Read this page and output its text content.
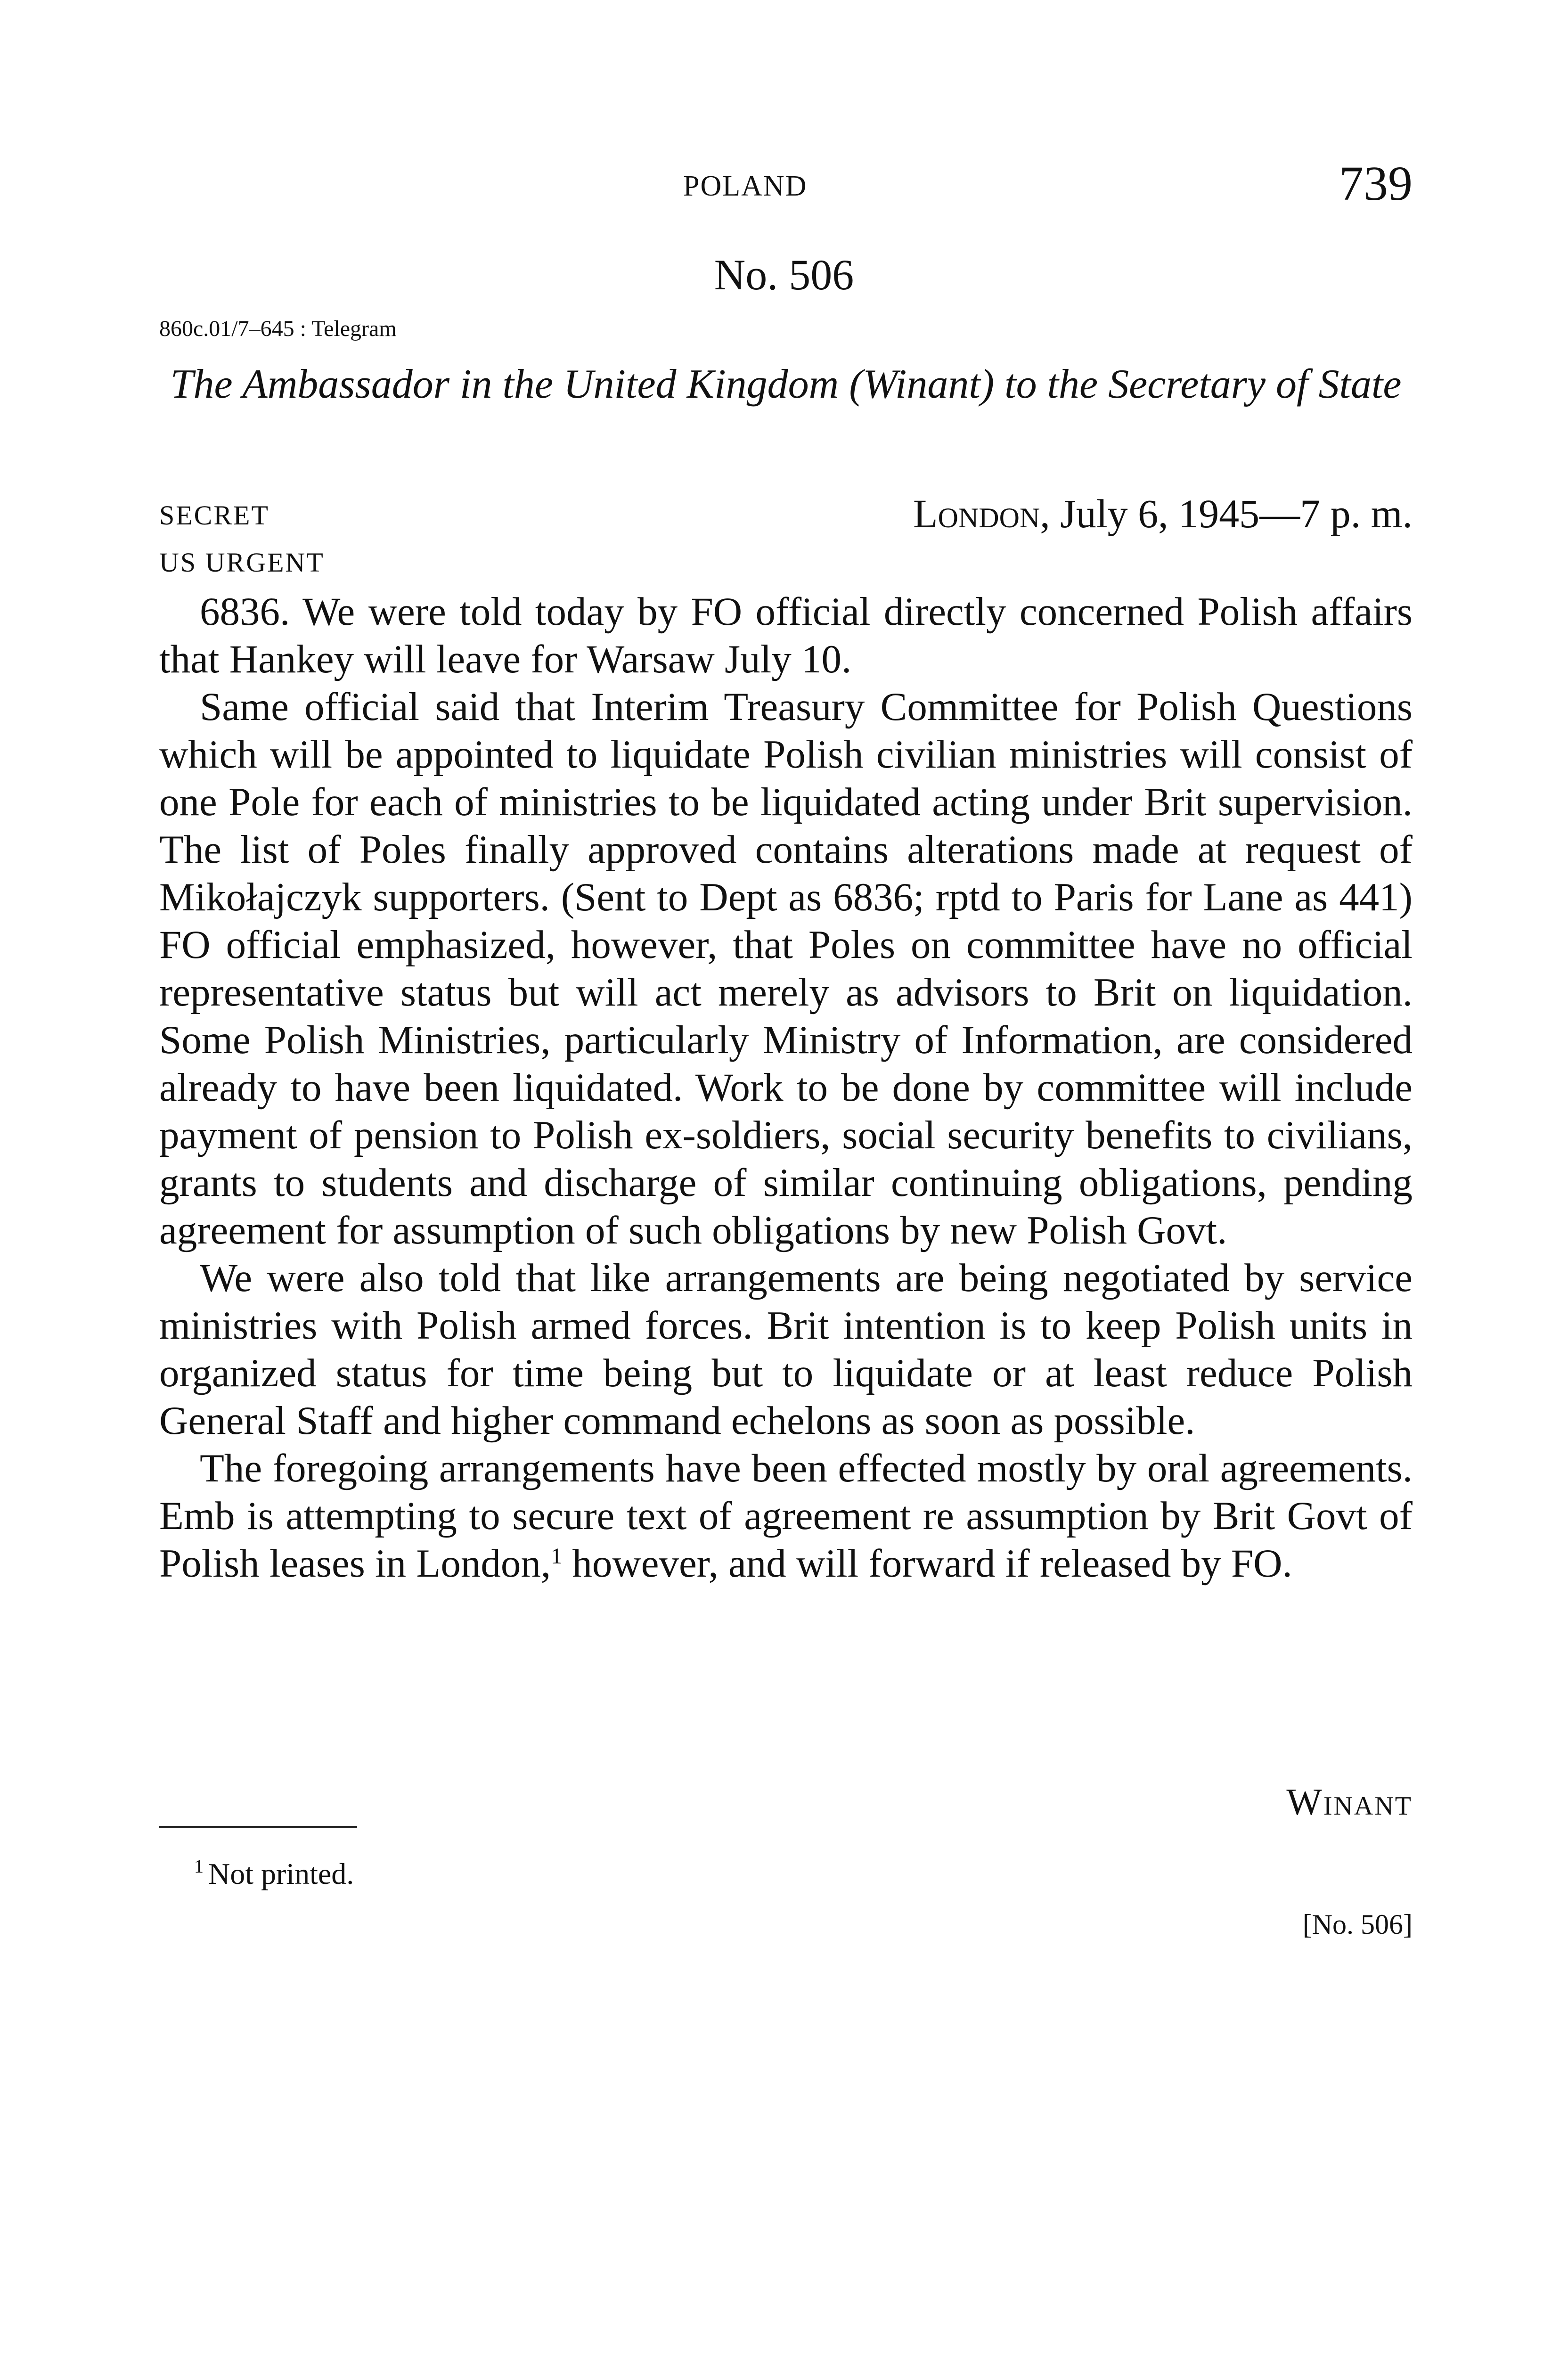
POLAND	739
No. 506
860c.01/7–645 : Telegram
The Ambassador in the United Kingdom (Winant) to the Secretary of State
SECRET
US URGENT
London, July 6, 1945—7 p. m.

6836. We were told today by FO official directly concerned Polish affairs that Hankey will leave for Warsaw July 10.

Same official said that Interim Treasury Committee for Polish Questions which will be appointed to liquidate Polish civilian ministries will consist of one Pole for each of ministries to be liquidated acting under Brit supervision. The list of Poles finally approved contains alterations made at request of Mikołajczyk supporters. (Sent to Dept as 6836; rptd to Paris for Lane as 441) FO official emphasized, however, that Poles on committee have no official representative status but will act merely as advisors to Brit on liquidation. Some Polish Ministries, particularly Ministry of Information, are considered already to have been liquidated. Work to be done by committee will include payment of pension to Polish ex-soldiers, social security benefits to civilians, grants to students and discharge of similar continuing obligations, pending agreement for assumption of such obligations by new Polish Govt.

We were also told that like arrangements are being negotiated by service ministries with Polish armed forces. Brit intention is to keep Polish units in organized status for time being but to liquidate or at least reduce Polish General Staff and higher command echelons as soon as possible.

The foregoing arrangements have been effected mostly by oral agreements. Emb is attempting to secure text of agreement re assumption by Brit Govt of Polish leases in London,$^1$ however, and will forward if released by FO.

Winant
$^1$ Not printed.
[No. 506]
